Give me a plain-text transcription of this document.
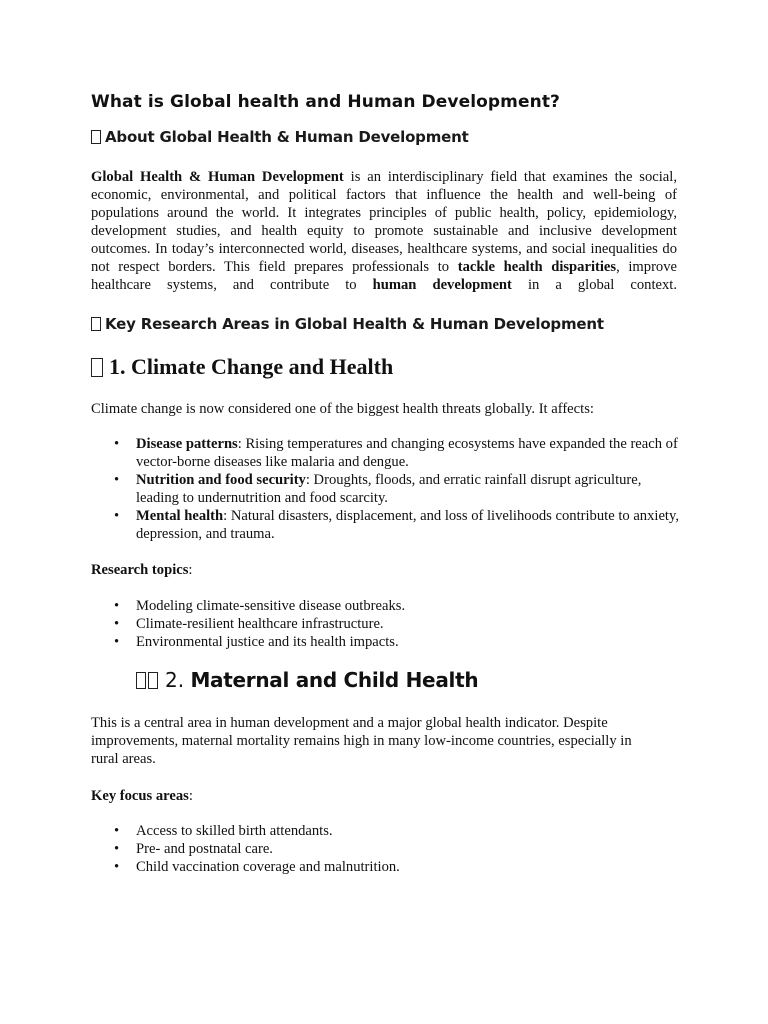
What is Global health and Human Development?
About Global Health & Human Development

Global Health & Human Development is an interdisciplinary field that examines the social, economic, environmental, and political factors that influence the health and well-being of populations around the world. It integrates principles of public health, policy, epidemiology, development studies, and health equity to promote sustainable and inclusive development outcomes. In today’s interconnected world, diseases, healthcare systems, and social inequalities do not respect borders. This field prepares professionals to tackle health disparities, improve healthcare systems, and contribute to human development in a global context.

Key Research Areas in Global Health & Human Development
1. Climate Change and Health

Climate change is now considered one of the biggest health threats globally. It affects:

• Disease patterns: Rising temperatures and changing ecosystems have expanded the reach of vector-borne diseases like malaria and dengue.
• Nutrition and food security: Droughts, floods, and erratic rainfall disrupt agriculture, leading to undernutrition and food scarcity.
• Mental health: Natural disasters, displacement, and loss of livelihoods contribute to anxiety, depression, and trauma.

Research topics:

• Modeling climate-sensitive disease outbreaks.
• Climate-resilient healthcare infrastructure.
• Environmental justice and its health impacts.
2. Maternal and Child Health

This is a central area in human development and a major global health indicator. Despite improvements, maternal mortality remains high in many low-income countries, especially in rural areas.

Key focus areas:

• Access to skilled birth attendants.
• Pre- and postnatal care.
• Child vaccination coverage and malnutrition.
